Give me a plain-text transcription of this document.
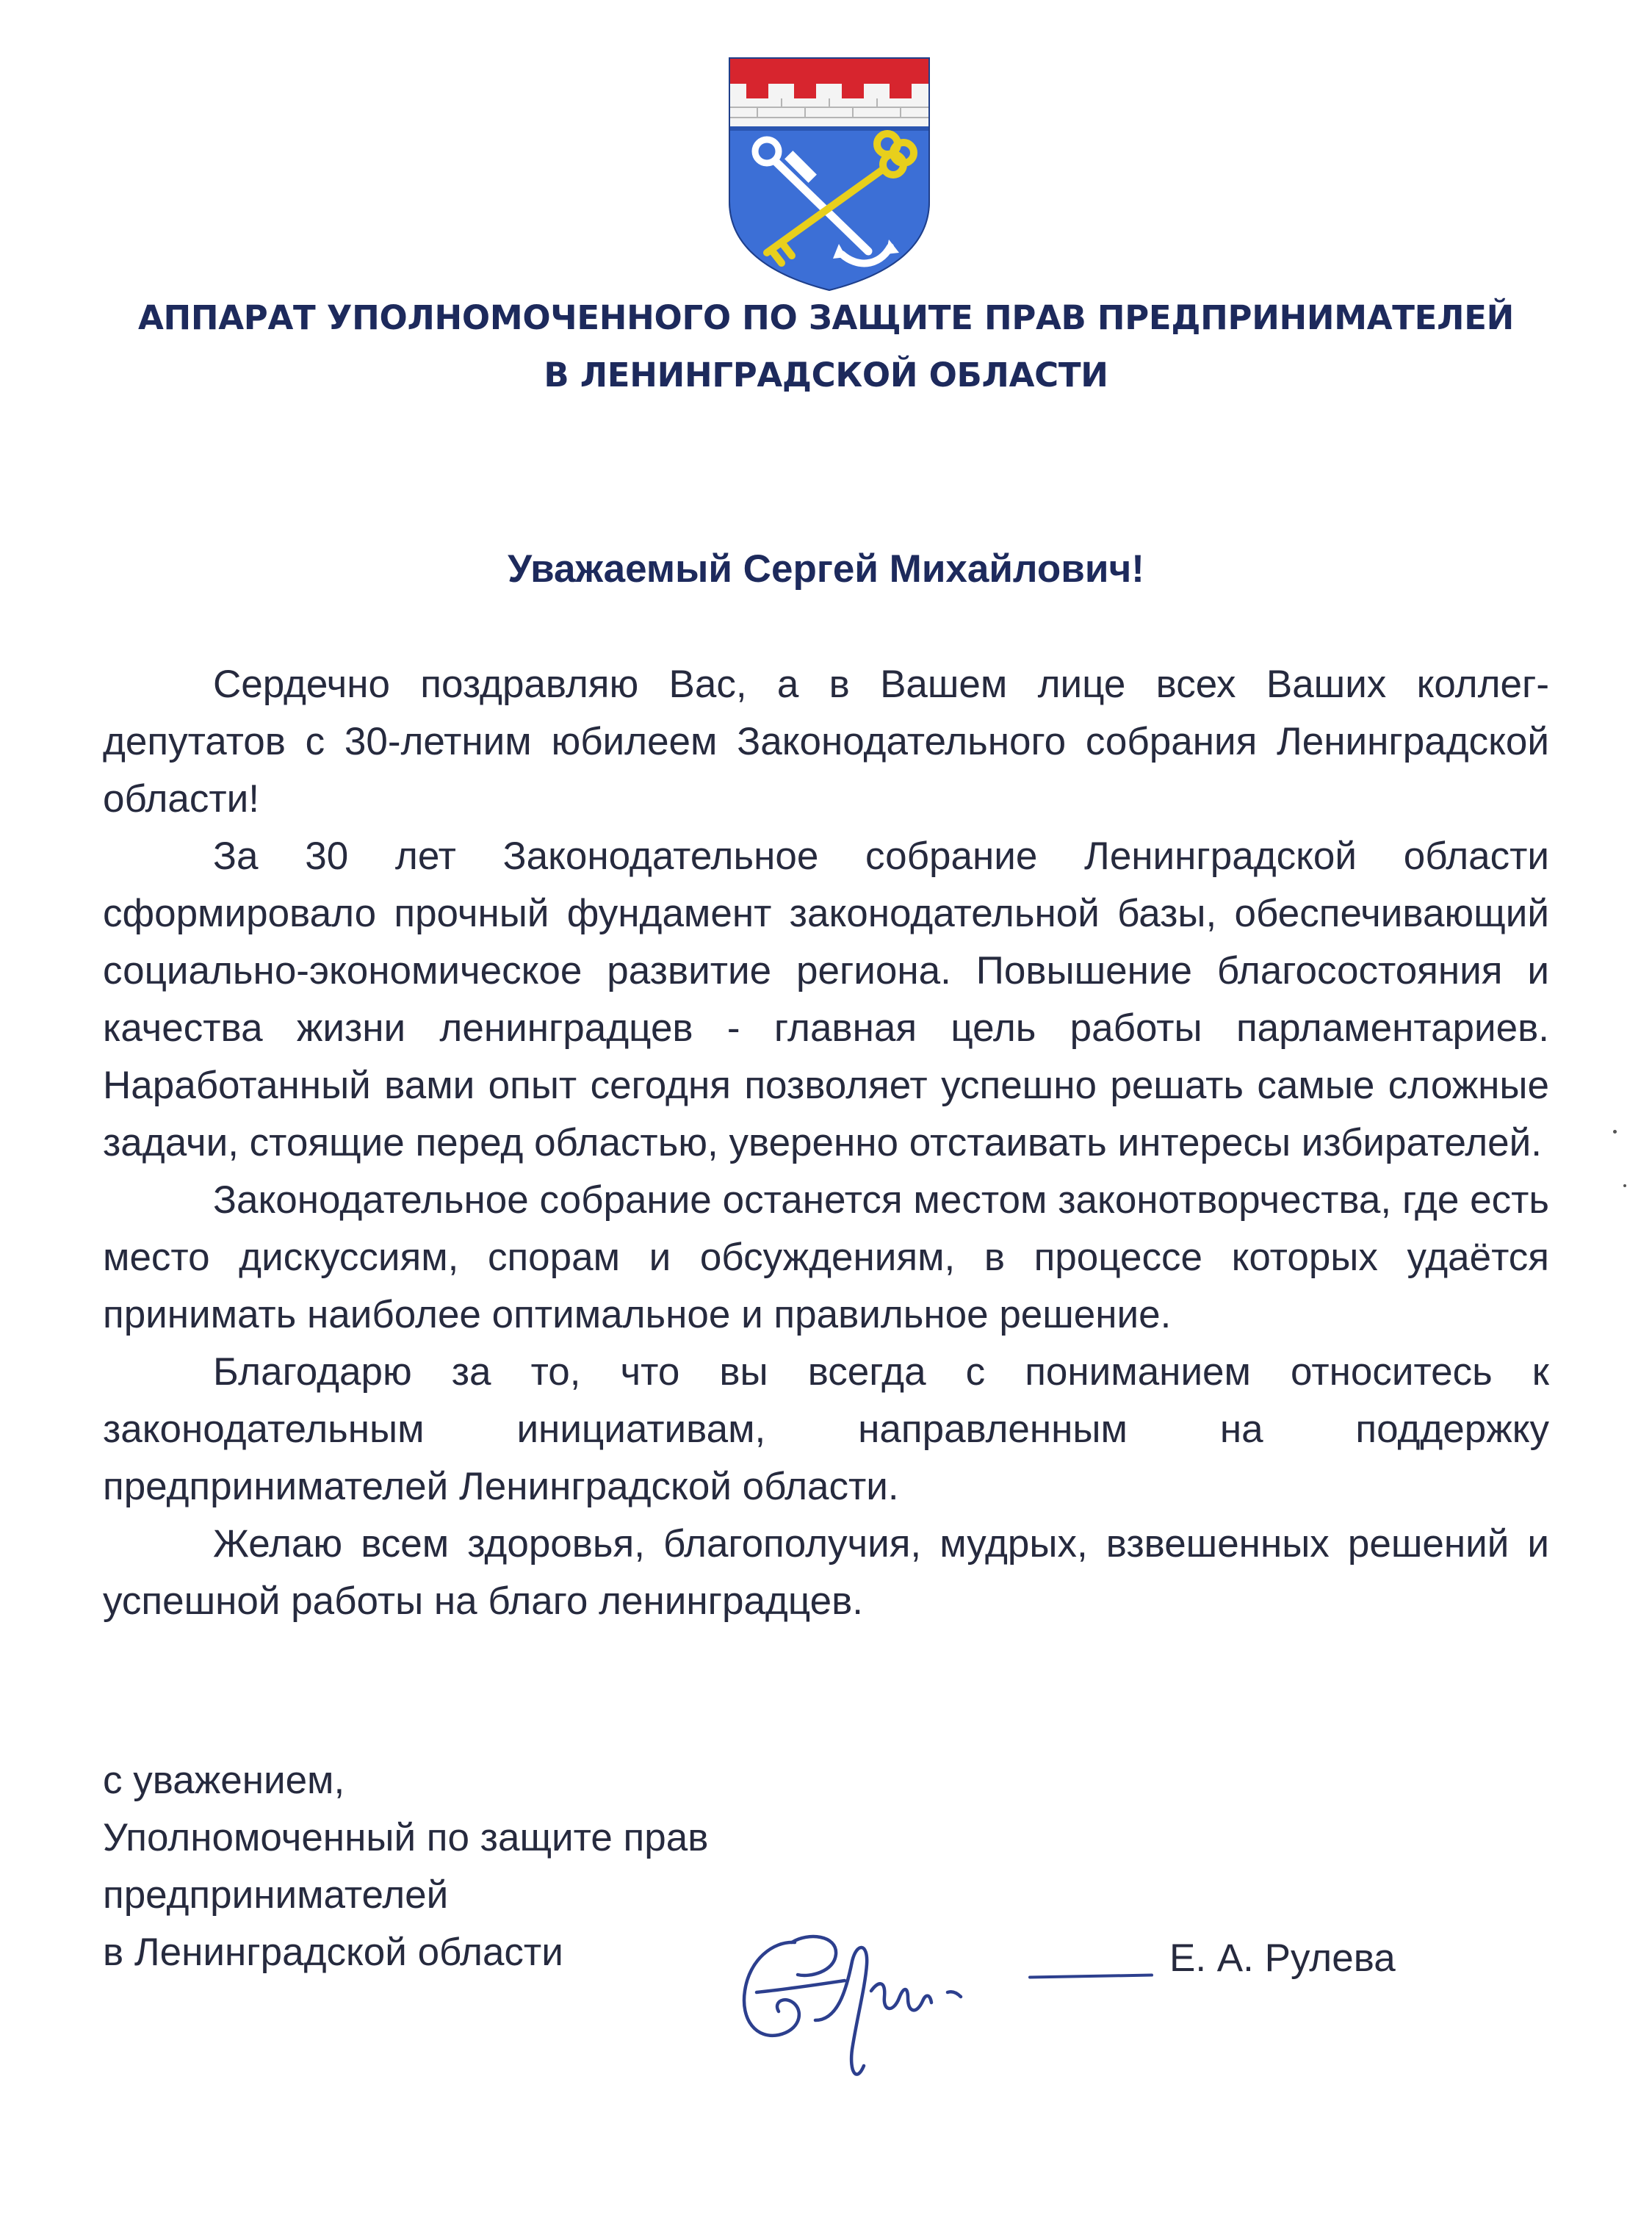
АППАРАТ УПОЛНОМОЧЕННОГО ПО ЗАЩИТЕ ПРАВ ПРЕДПРИНИМАТЕЛЕЙ
В ЛЕНИНГРАДСКОЙ ОБЛАСТИ
Уважаемый Сергей Михайлович!

Сердечно поздравляю Вас, а в Вашем лице всех Ваших коллег-депутатов с 30-летним юбилеем Законодательного собрания Ленинградской области!

За 30 лет Законодательное собрание Ленинградской области сформировало прочный фундамент законодательной базы, обеспечивающий социально-экономическое развитие региона. Повышение благосостояния и качества жизни ленинградцев - главная цель работы парламентариев. Наработанный вами опыт сегодня позволяет успешно решать самые сложные задачи, стоящие перед областью, уверенно отстаивать интересы избирателей.

Законодательное собрание останется местом законотворчества, где есть место дискуссиям, спорам и обсуждениям, в процессе которых удаётся принимать наиболее оптимальное и правильное решение.

Благодарю за то, что вы всегда с пониманием относитесь к законодательным инициативам, направленным на поддержку предпринимателей Ленинградской области.

Желаю всем здоровья, благополучия, мудрых, взвешенных решений и успешной работы на благо ленинградцев.

с уважением,
Уполномоченный по защите прав
предпринимателей
в Ленинградской области	Е. А. Рулева
